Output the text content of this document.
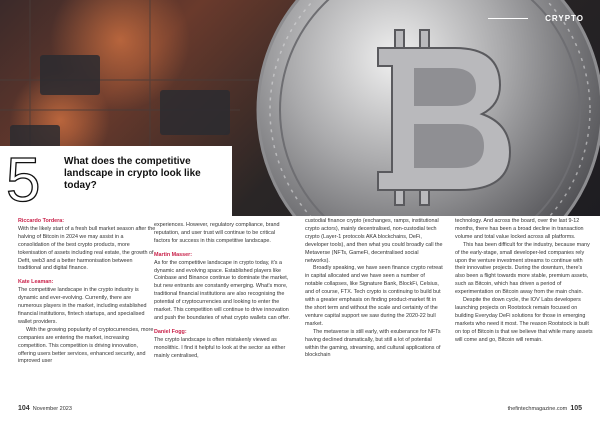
CRYPTO
5 What does the competitive landscape in crypto look like today?
Riccardo Tordera:

With the likely start of a fresh bull market season after the halving of Bitcoin in 2024 we may assist in a consolidation of the best crypto products, more tokenisation of assets including real estate, the growth of Defit, web3 and a better harmonisation between traditional and digital finance.

Kate Leaman:

The competitive landscape in the crypto industry is dynamic and ever-evolving. Currently, there are numerous players in the market, including established financial institutions, fintech startups, and specialised wallet providers.

With the growing popularity of cryptocurrencies, more companies are entering the market, increasing competition. This competition is driving innovation, offering users better services, enhanced security, and improved user

experiences. However, regulatory compliance, brand reputation, and user trust will continue to be critical factors for success in this competitive landscape.

Martin Masser:

As for the competitive landscape in crypto today, it's a dynamic and evolving space. Established players like Coinbase and Binance continue to dominate the market, but new entrants are constantly emerging. What's more, traditional financial institutions are also recognising the potential of cryptocurrencies and looking to enter the market. This competition will continue to drive innovation and push the boundaries of what crypto wallets can offer.

Daniel Fogg:

The crypto landscape is often mistakenly viewed as monolithic. I find it helpful to look at the sector as either mainly centralised,

custodial finance crypto (exchanges, ramps, institutional crypto actors), mainly decentralised, non-custodial tech crypto (Layer-1 protocols AKA blockchains, DeFi, developer tools), and then what you could broadly call the Metaverse (NFTs, GameFi, decentralised social networks).

Broadly speaking, we have seen finance crypto retreat in capital allocated and we have seen a number of notable collapses, like Signature Bank, BlockFi, Celsius, and of course, FTX. Tech crypto is continuing to build but with a greater emphasis on finding product-market fit in the short term and without the scale and certainty of the venture capital support we saw during the 2020-22 bull market.

The metaverse is still early, with exuberance for NFTs having declined dramatically, but still a lot of potential within the gaming, streaming, and cultural applications of blockchain

technology. And across the board, over the last 9-12 months, there has been a broad decline in transaction volume and total value locked across all platforms.

This has been difficult for the industry, because many of the early-stage, small developer-led companies rely upon the venture investment streams to continue with their innovative projects. During the downturn, there's also been a flight towards more stable, premium assets, such as Bitcoin, which has driven a period of experimentation on Bitcoin away from the main chain.

Despite the down cycle, the IOV Labs developers launching projects on Rootstock remain focused on building Everyday DeFi solutions for those in emerging markets who need it most. The reason Rootstock is built on top of Bitcoin is that we believe that while many assets will come and go, Bitcoin will remain.

104 November 2023	thefintechmagazine.com 105
